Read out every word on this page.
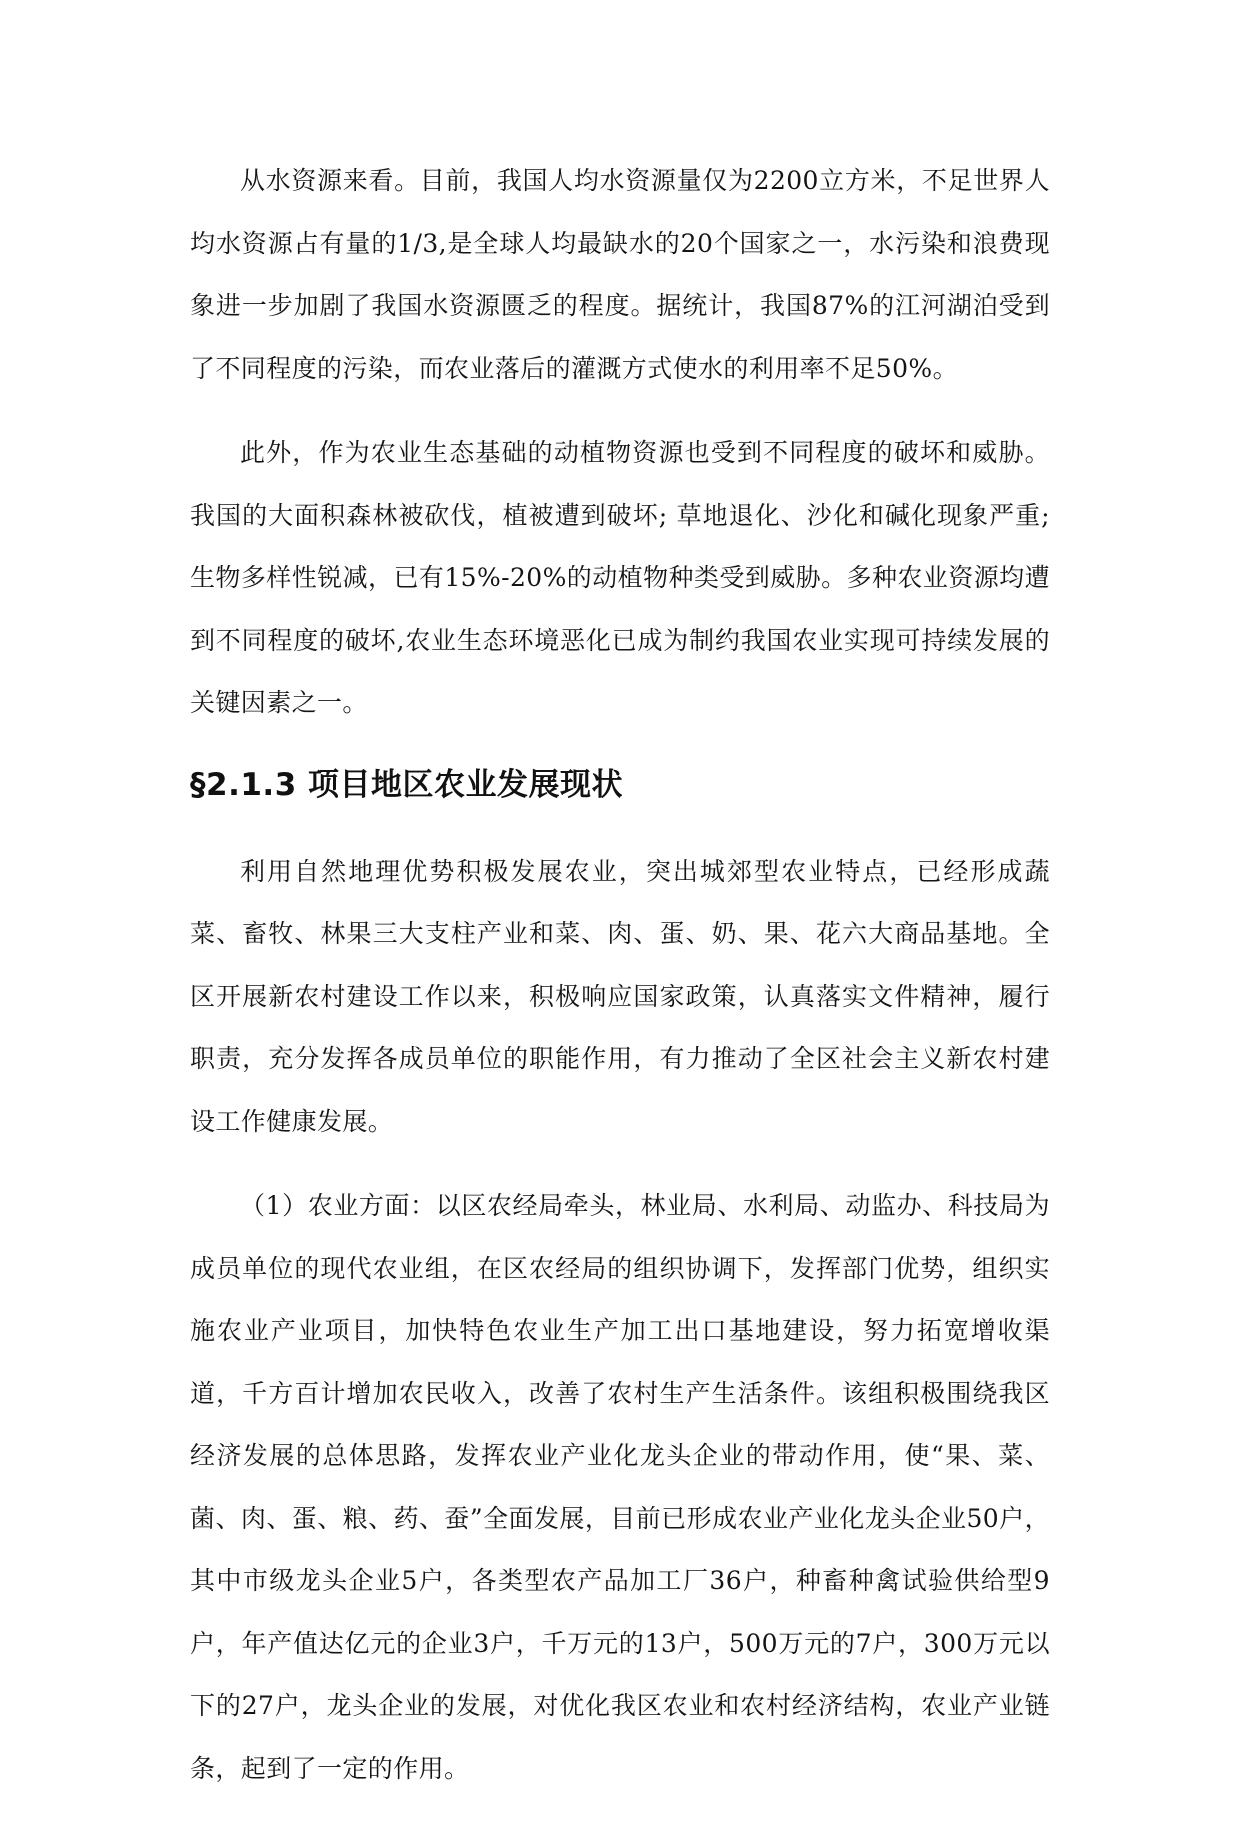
从水资源来看。目前，我国人均水资源量仅为2200立方米，不足世界人均水资源占有量的1/3,是全球人均最缺水的20个国家之一，水污染和浪费现象进一步加剧了我国水资源匮乏的程度。据统计，我国87%的江河湖泊受到了不同程度的污染，而农业落后的灌溉方式使水的利用率不足50%。

此外，作为农业生态基础的动植物资源也受到不同程度的破坏和威胁。我国的大面积森林被砍伐，植被遭到破坏; 草地退化、沙化和碱化现象严重; 生物多样性锐减，已有15%-20%的动植物种类受到威胁。多种农业资源均遭到不同程度的破坏,农业生态环境恶化已成为制约我国农业实现可持续发展的关键因素之一。

§2.1.3 项目地区农业发展现状

利用自然地理优势积极发展农业，突出城郊型农业特点，已经形成蔬菜、畜牧、林果三大支柱产业和菜、肉、蛋、奶、果、花六大商品基地。全区开展新农村建设工作以来，积极响应国家政策，认真落实文件精神，履行职责，充分发挥各成员单位的职能作用，有力推动了全区社会主义新农村建设工作健康发展。

（1）农业方面：以区农经局牵头，林业局、水利局、动监办、科技局为成员单位的现代农业组，在区农经局的组织协调下，发挥部门优势，组织实施农业产业项目，加快特色农业生产加工出口基地建设，努力拓宽增收渠道，千方百计增加农民收入，改善了农村生产生活条件。该组积极围绕我区经济发展的总体思路，发挥农业产业化龙头企业的带动作用，使“果、菜、菌、肉、蛋、粮、药、蚕”全面发展，目前已形成农业产业化龙头企业50户，其中市级龙头企业5户，各类型农产品加工厂36户，种畜种禽试验供给型9户，年产值达亿元的企业3户，千万元的13户，500万元的7户，300万元以下的27户，龙头企业的发展，对优化我区农业和农村经济结构，农业产业链条，起到了一定的作用。
